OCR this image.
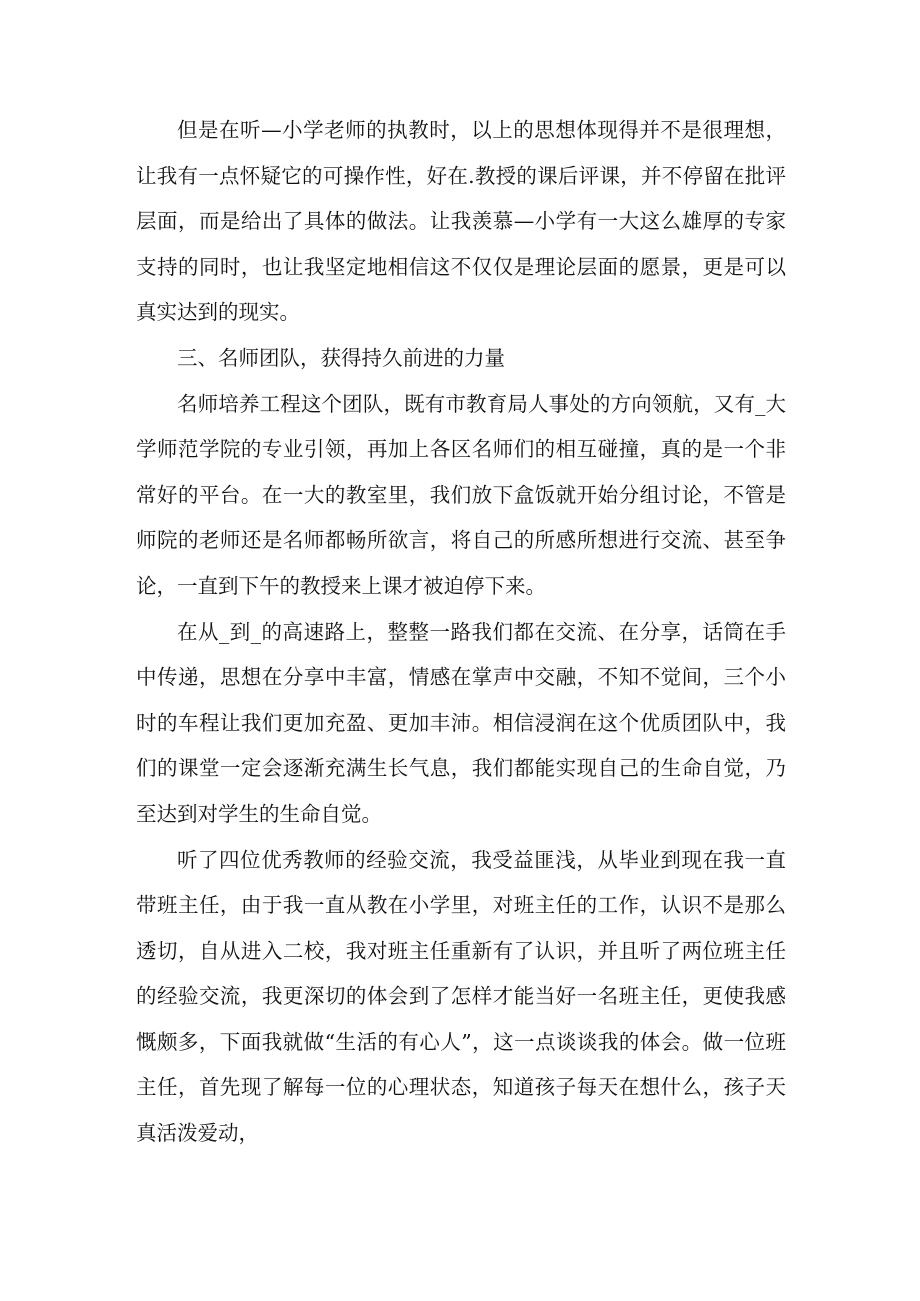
但是在听—小学老师的执教时，以上的思想体现得并不是很理想，让我有一点怀疑它的可操作性，好在.教授的课后评课，并不停留在批评层面，而是给出了具体的做法。让我羡慕—小学有一大这么雄厚的专家支持的同时，也让我坚定地相信这不仅仅是理论层面的愿景，更是可以真实达到的现实。

三、名师团队，获得持久前进的力量

名师培养工程这个团队，既有市教育局人事处的方向领航，又有_大学师范学院的专业引领，再加上各区名师们的相互碰撞，真的是一个非常好的平台。在一大的教室里，我们放下盒饭就开始分组讨论，不管是师院的老师还是名师都畅所欲言，将自己的所感所想进行交流、甚至争论，一直到下午的教授来上课才被迫停下来。

在从_到_的高速路上，整整一路我们都在交流、在分享，话筒在手中传递，思想在分享中丰富，情感在掌声中交融，不知不觉间，三个小时的车程让我们更加充盈、更加丰沛。相信浸润在这个优质团队中，我们的课堂一定会逐渐充满生长气息，我们都能实现自己的生命自觉，乃至达到对学生的生命自觉。

听了四位优秀教师的经验交流，我受益匪浅，从毕业到现在我一直带班主任，由于我一直从教在小学里，对班主任的工作，认识不是那么透切，自从进入二校，我对班主任重新有了认识，并且听了两位班主任的经验交流，我更深切的体会到了怎样才能当好一名班主任，更使我感慨颇多，下面我就做“生活的有心人”，这一点谈谈我的体会。做一位班主任，首先现了解每一位的心理状态，知道孩子每天在想什么，孩子天真活泼爱动，
